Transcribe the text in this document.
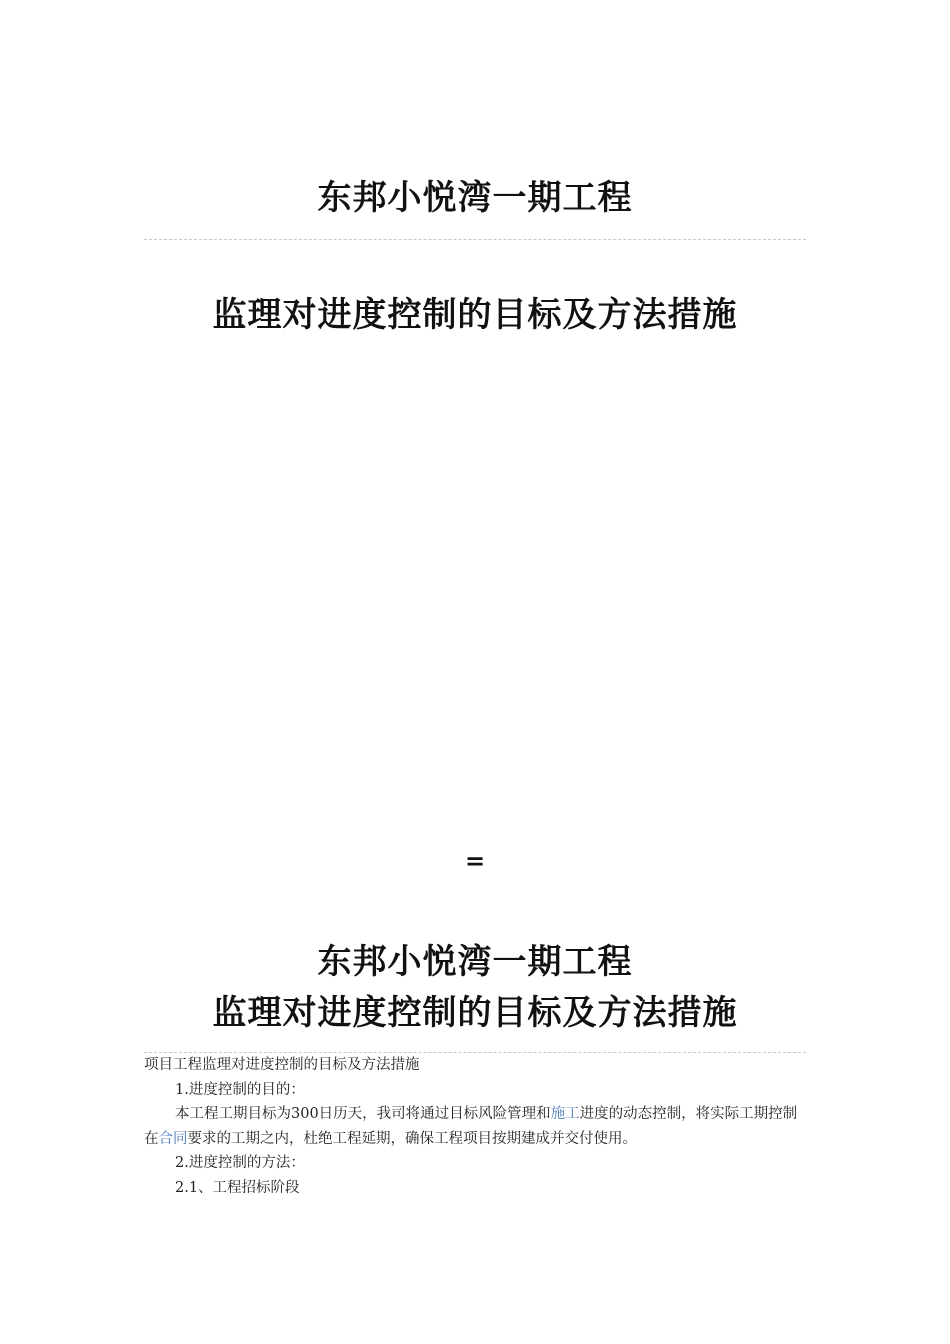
东邦小悦湾一期工程
监理对进度控制的目标及方法措施
=
东邦小悦湾一期工程
监理对进度控制的目标及方法措施

项目工程监理对进度控制的目标及方法措施

1.进度控制的目的：

本工程工期目标为300日历天，我司将通过目标风险管理和施工进度的动态控制，将实际工期控制在合同要求的工期之内，杜绝工程延期，确保工程项目按期建成并交付使用。

2.进度控制的方法：

2.1、工程招标阶段
